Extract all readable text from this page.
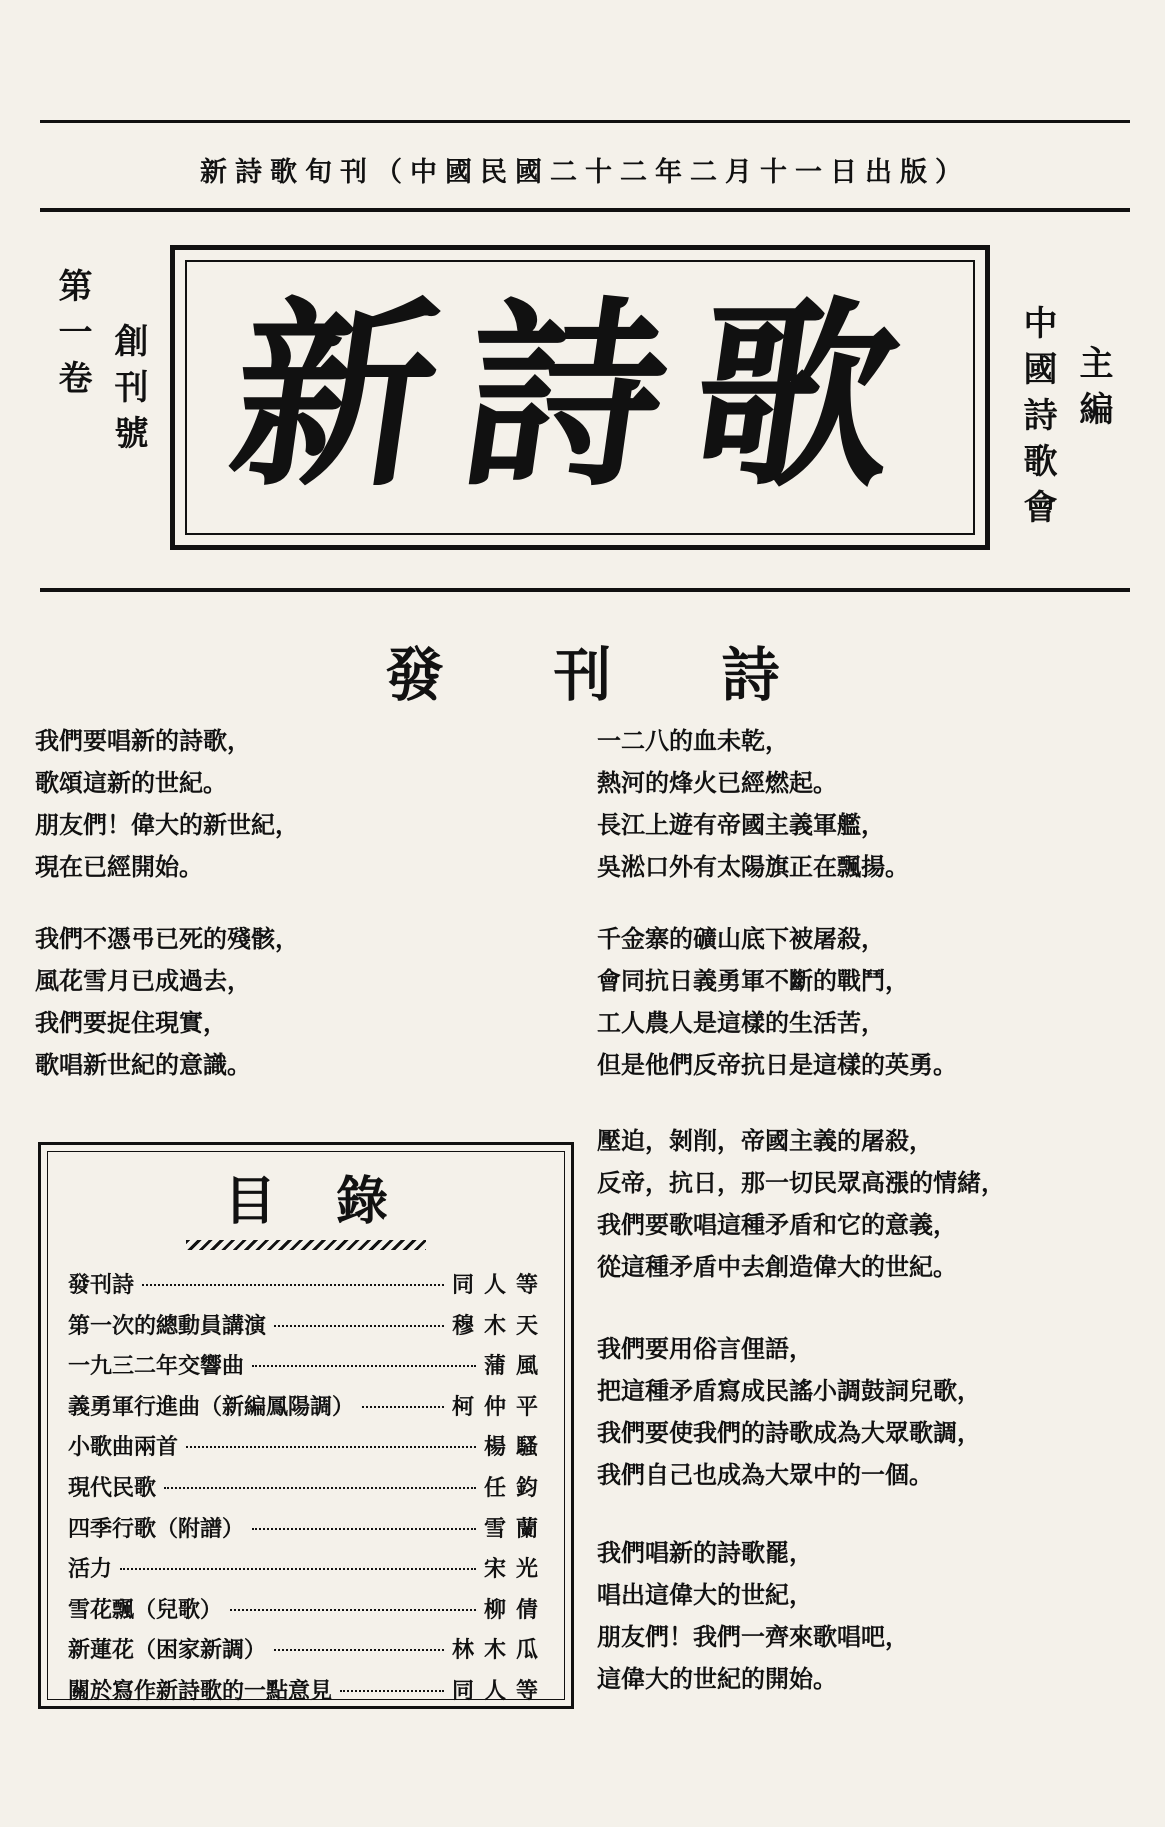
新詩歌旬刊（中國民國二十二年二月十一日出版）
第一卷 創刊號 新詩歌 中國詩歌會 主編
發刊詩
我們要唱新的詩歌，
歌頌這新的世紀。
朋友們！偉大的新世紀，
現在已經開始。
我們不憑弔已死的殘骸，
風花雪月已成過去，
我們要捉住現實，
歌唱新世紀的意識。
一二八的血未乾，
熱河的烽火已經燃起。
長江上遊有帝國主義軍艦，
吳淞口外有太陽旗正在飄揚。
千金寨的礦山底下被屠殺，
會同抗日義勇軍不斷的戰鬥，
工人農人是這樣的生活苦，
但是他們反帝抗日是這樣的英勇。
壓迫，剝削，帝國主義的屠殺，
反帝，抗日，那一切民眾高漲的情緒，
我們要歌唱這種矛盾和它的意義，
從這種矛盾中去創造偉大的世紀。
我們要用俗言俚語，
把這種矛盾寫成民謠小調鼓詞兒歌，
我們要使我們的詩歌成為大眾歌調，
我們自己也成為大眾中的一個。
我們唱新的詩歌罷，
唱出這偉大的世紀，
朋友們！我們一齊來歌唱吧，
這偉大的世紀的開始。
目錄
發刊詩	同人等
第一次的總動員講演	穆木天
一九三二年交響曲	蒲風
義勇軍行進曲（新編鳳陽調）	柯仲平
小歌曲兩首	楊騷
現代民歌	任鈞
四季行歌（附譜）	雪蘭
活力	宋光
雪花飄（兒歌）	柳倩
新蓮花（困家新調）	林木瓜
關於寫作新詩歌的一點意見	同人等
